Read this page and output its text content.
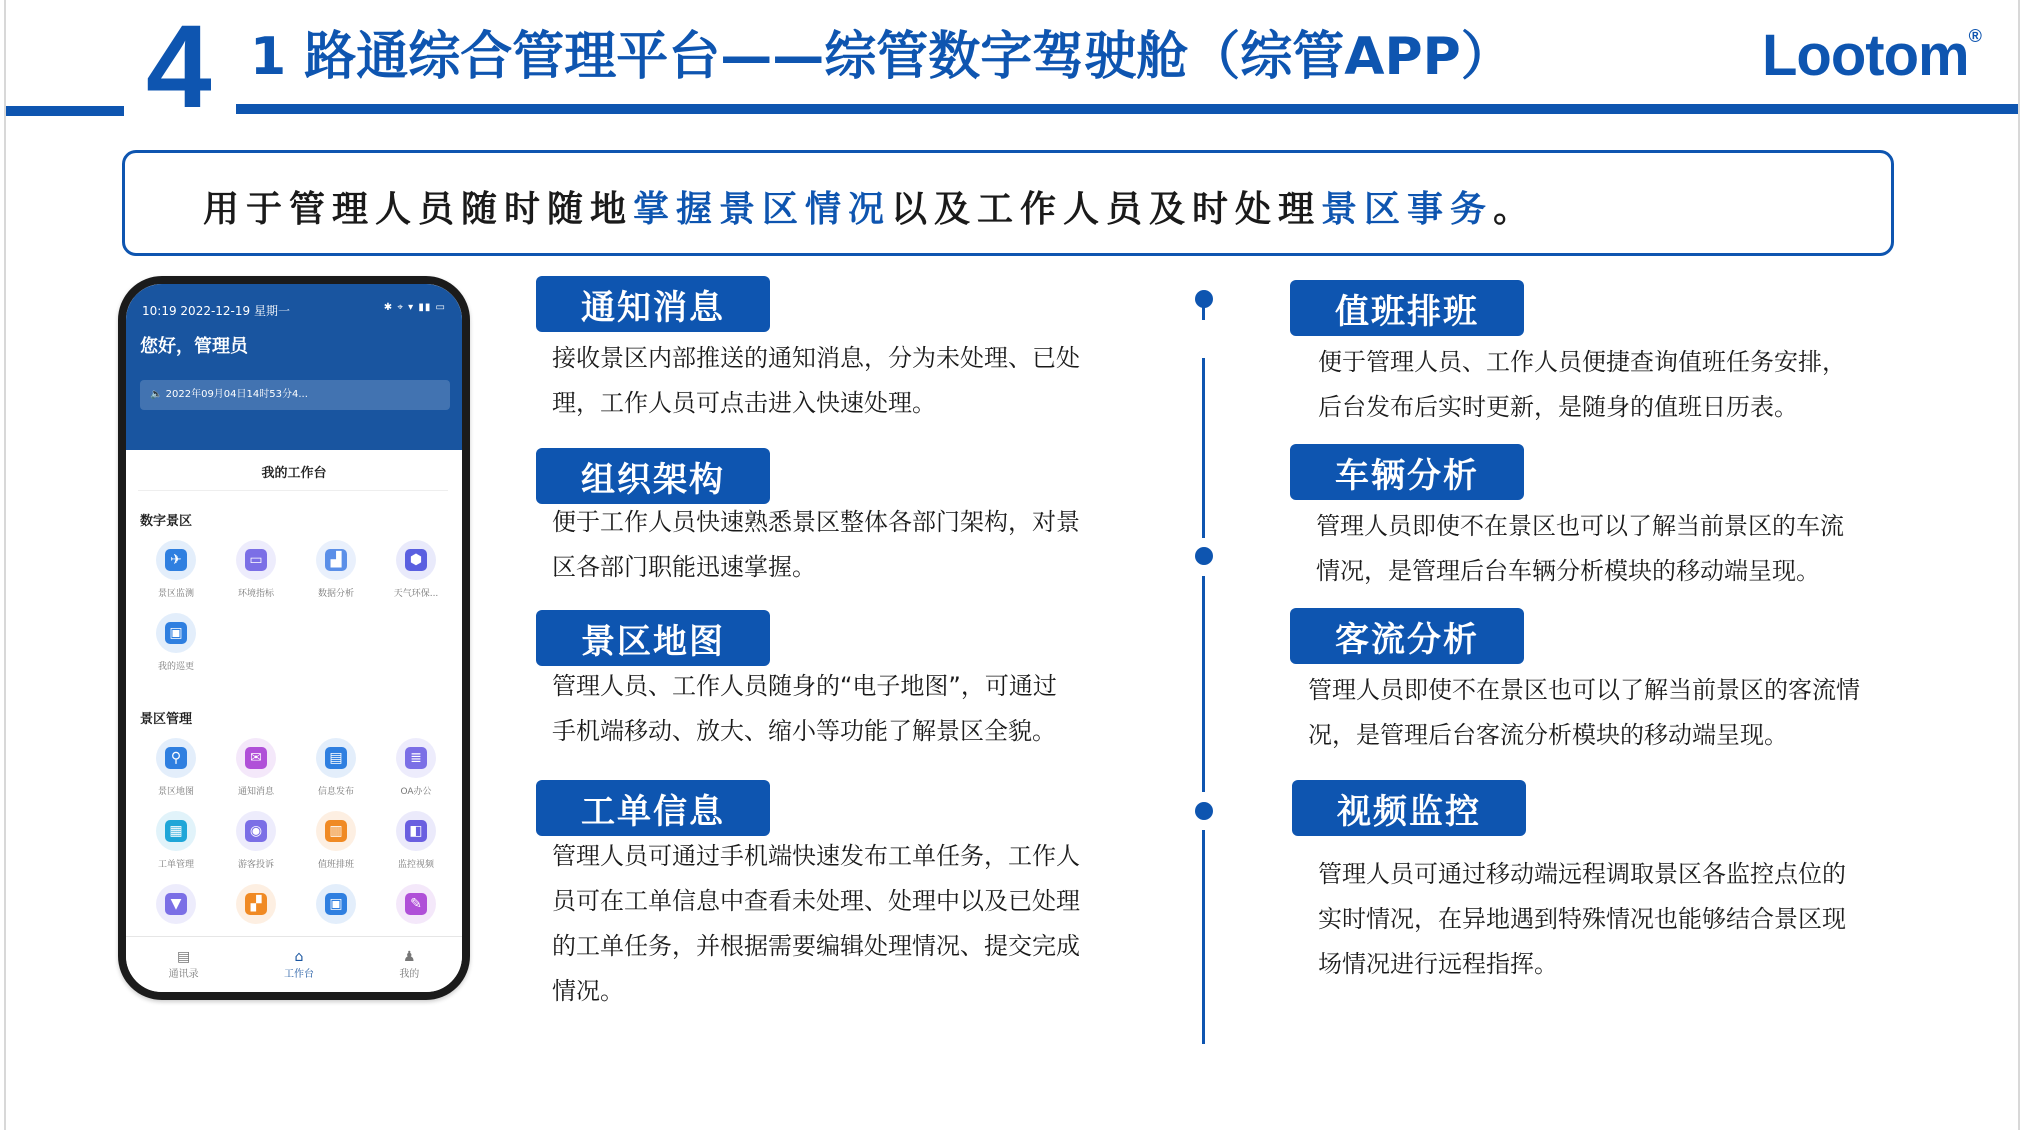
4 1 路通综合管理平台——综管数字驾驶舱（综管APP）	Lootom®
用于管理人员随时随地掌握景区情况以及工作人员及时处理景区事务。
10:19 2022-12-19 星期一	✱ ⌖ ▾ ▮▮ ▭
您好，管理员
🔈 2022年09月04日14时53分4...
我的工作台
数字景区
✈
景区监测
▭
环境指标
▟
数据分析
⬢
天气环保...
▣
我的巡更
景区管理
⚲
景区地图
✉
通知消息
▤
信息发布
≣
OA办公
▦
工单管理
◉
游客投诉
▥
值班排班
◧
监控视频
▼	▞	▣	✎
▤
通讯录
⌂
工作台
♟
我的
通知消息
接收景区内部推送的通知消息，分为未处理、已处
理，工作人员可点击进入快速处理。
组织架构
便于工作人员快速熟悉景区整体各部门架构，对景
区各部门职能迅速掌握。
景区地图
管理人员、工作人员随身的“电子地图”，可通过
手机端移动、放大、缩小等功能了解景区全貌。
工单信息
管理人员可通过手机端快速发布工单任务，工作人
员可在工单信息中查看未处理、处理中以及已处理
的工单任务，并根据需要编辑处理情况、提交完成
情况。
值班排班
便于管理人员、工作人员便捷查询值班任务安排，
后台发布后实时更新，是随身的值班日历表。
车辆分析
管理人员即使不在景区也可以了解当前景区的车流
情况，是管理后台车辆分析模块的移动端呈现。
客流分析
管理人员即使不在景区也可以了解当前景区的客流情
况，是管理后台客流分析模块的移动端呈现。
视频监控
管理人员可通过移动端远程调取景区各监控点位的
实时情况，在异地遇到特殊情况也能够结合景区现
场情况进行远程指挥。
